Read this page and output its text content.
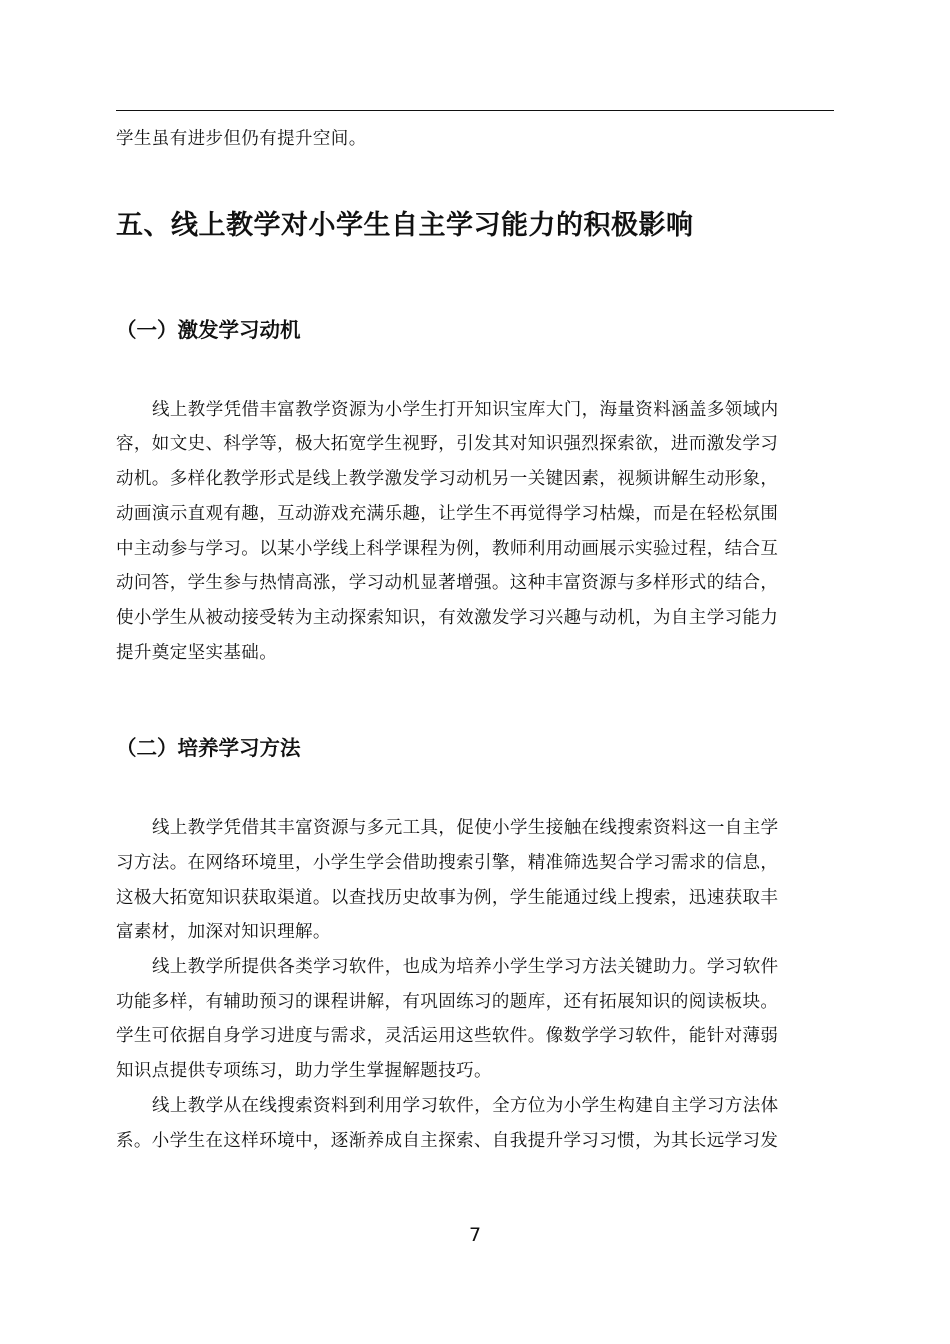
学生虽有进步但仍有提升空间。

五、线上教学对小学生自主学习能力的积极影响
（一）激发学习动机

线上教学凭借丰富教学资源为小学生打开知识宝库大门，海量资料涵盖多领域内

容，如文史、科学等，极大拓宽学生视野，引发其对知识强烈探索欲，进而激发学习

动机。多样化教学形式是线上教学激发学习动机另一关键因素，视频讲解生动形象，

动画演示直观有趣，互动游戏充满乐趣，让学生不再觉得学习枯燥，而是在轻松氛围

中主动参与学习。以某小学线上科学课程为例，教师利用动画展示实验过程，结合互

动问答，学生参与热情高涨，学习动机显著增强。这种丰富资源与多样形式的结合，

使小学生从被动接受转为主动探索知识，有效激发学习兴趣与动机，为自主学习能力

提升奠定坚实基础。

（二）培养学习方法

线上教学凭借其丰富资源与多元工具，促使小学生接触在线搜索资料这一自主学

习方法。在网络环境里，小学生学会借助搜索引擎，精准筛选契合学习需求的信息，

这极大拓宽知识获取渠道。以查找历史故事为例，学生能通过线上搜索，迅速获取丰

富素材，加深对知识理解。

线上教学所提供各类学习软件，也成为培养小学生学习方法关键助力。学习软件

功能多样，有辅助预习的课程讲解，有巩固练习的题库，还有拓展知识的阅读板块。

学生可依据自身学习进度与需求，灵活运用这些软件。像数学学习软件，能针对薄弱

知识点提供专项练习，助力学生掌握解题技巧。

线上教学从在线搜索资料到利用学习软件，全方位为小学生构建自主学习方法体

系。小学生在这样环境中，逐渐养成自主探索、自我提升学习习惯，为其长远学习发

7
